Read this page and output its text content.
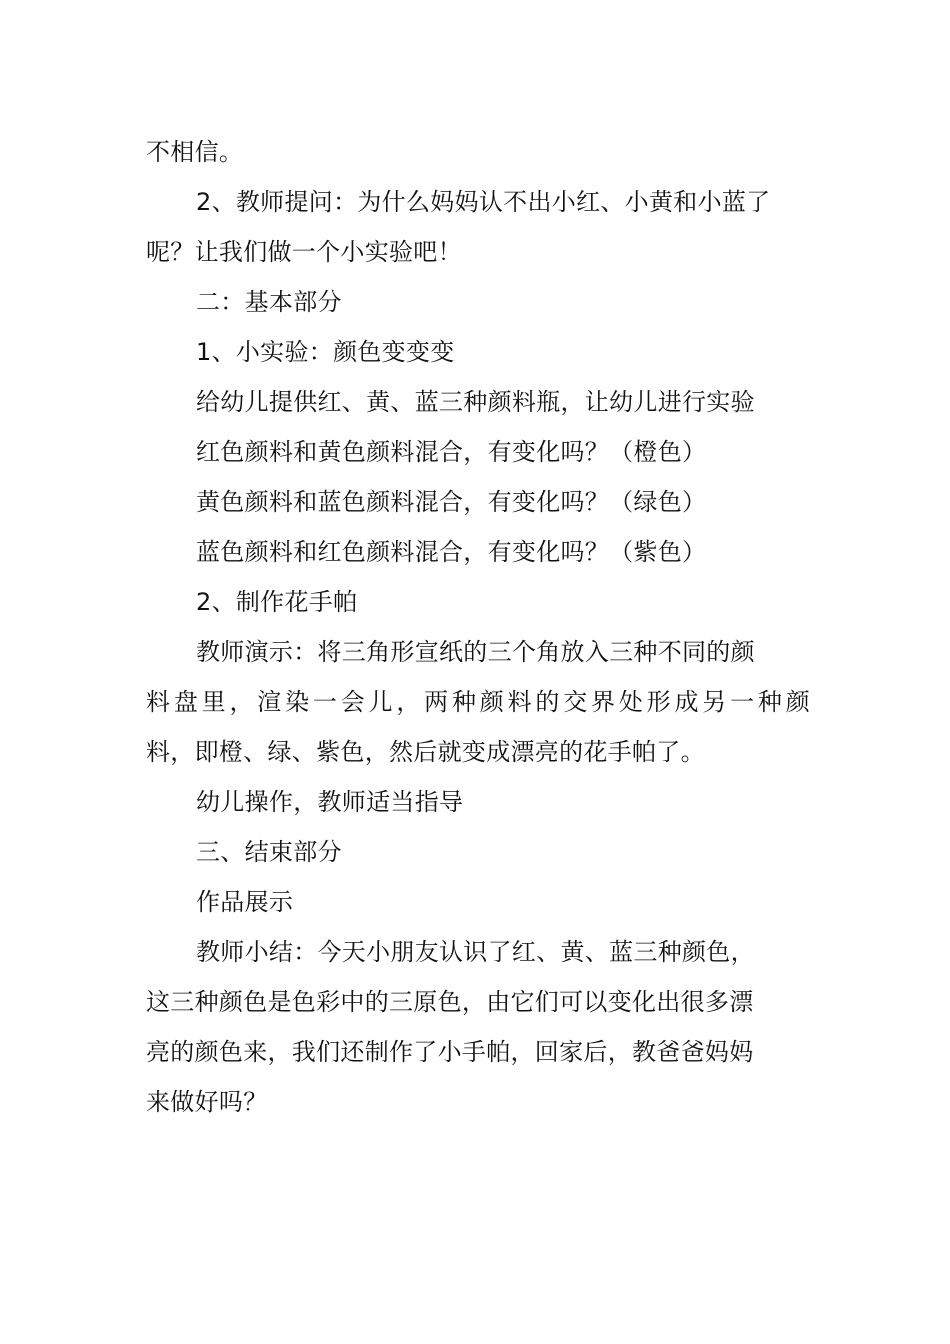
不相信。
2、教师提问：为什么妈妈认不出小红、小黄和小蓝了
呢？让我们做一个小实验吧！
二：基本部分
1、小实验：颜色变变变
给幼儿提供红、黄、蓝三种颜料瓶，让幼儿进行实验
红色颜料和黄色颜料混合，有变化吗？（橙色）
黄色颜料和蓝色颜料混合，有变化吗？（绿色）
蓝色颜料和红色颜料混合，有变化吗？（紫色）
2、制作花手帕
教师演示：将三角形宣纸的三个角放入三种不同的颜
料盘里，渲染一会儿，两种颜料的交界处形成另一种颜
料，即橙、绿、紫色，然后就变成漂亮的花手帕了。
幼儿操作，教师适当指导
三、结束部分
作品展示
教师小结：今天小朋友认识了红、黄、蓝三种颜色，
这三种颜色是色彩中的三原色，由它们可以变化出很多漂
亮的颜色来，我们还制作了小手帕，回家后，教爸爸妈妈
来做好吗？
